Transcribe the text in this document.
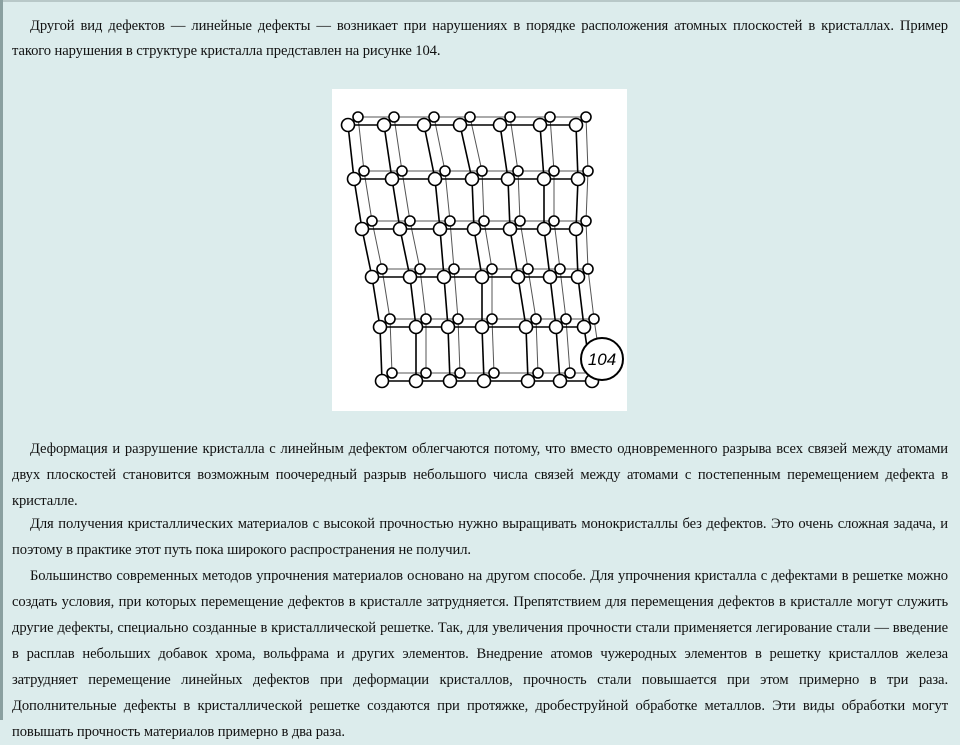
Другой вид дефектов — линейные дефекты — возникает при нарушениях в порядке расположения атомных плоскостей в кристаллах. Пример такого нарушения в структуре кристалла представлен на рисунке 104.

104

Деформация и разрушение кристалла с линейным дефектом облегчаются потому, что вместо одновременного разрыва всех связей между атомами двух плоскостей становится возможным поочередный разрыв небольшого числа связей между атомами с постепенным перемещением дефекта в кристалле.

Для получения кристаллических материалов с высокой прочностью нужно выращивать монокристаллы без дефектов. Это очень сложная задача, и поэтому в практике этот путь пока широкого распространения не получил.

Большинство современных методов упрочнения материалов основано на другом способе. Для упрочнения кристалла с дефектами в решетке можно создать условия, при которых перемещение дефектов в кристалле затрудняется. Препятствием для перемещения дефектов в кристалле могут служить другие дефекты, специально созданные в кристаллической решетке. Так, для увеличения прочности стали применяется легирование стали — введение в расплав небольших добавок хрома, вольфрама и других элементов. Внедрение атомов чужеродных элементов в решетку кристаллов железа затрудняет перемещение линейных дефектов при деформации кристаллов, прочность стали повышается при этом примерно в три раза. Дополнительные дефекты в кристаллической решетке создаются при протяжке, дробеструйной обработке металлов. Эти виды обработки могут повышать прочность материалов примерно в два раза.
